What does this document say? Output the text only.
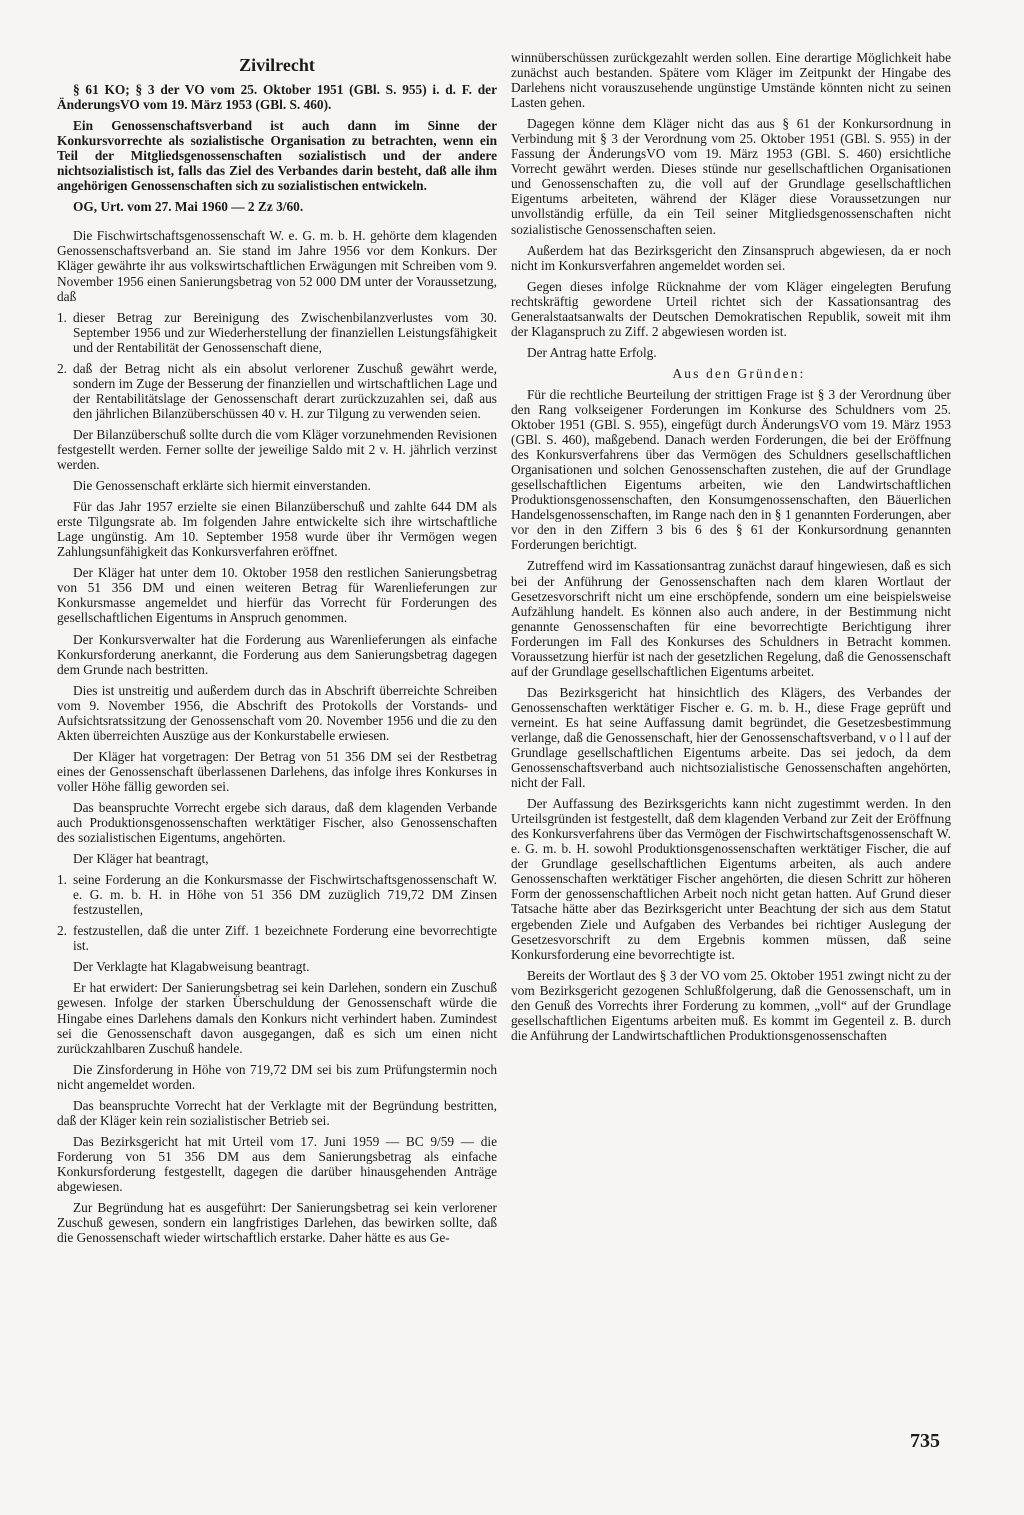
Zivilrecht

§ 61 KO; § 3 der VO vom 25. Oktober 1951 (GBl. S. 955) i. d. F. der ÄnderungsVO vom 19. März 1953 (GBl. S. 460).

Ein Genossenschaftsverband ist auch dann im Sinne der Konkursvorrechte als sozialistische Organisation zu betrachten, wenn ein Teil der Mitgliedsgenossenschaften sozialistisch und der andere nichtsozialistisch ist, falls das Ziel des Verbandes darin besteht, daß alle ihm angehörigen Genossenschaften sich zu sozialistischen entwickeln.

OG, Urt. vom 27. Mai 1960 — 2 Zz 3/60.

Die Fischwirtschaftsgenossenschaft W. e. G. m. b. H. gehörte dem klagenden Genossenschaftsverband an. Sie stand im Jahre 1956 vor dem Konkurs. Der Kläger gewährte ihr aus volkswirtschaftlichen Erwägungen mit Schreiben vom 9. November 1956 einen Sanierungsbetrag von 52 000 DM unter der Voraussetzung, daß

1. dieser Betrag zur Bereinigung des Zwischenbilanzverlustes vom 30. September 1956 und zur Wiederherstellung der finanziellen Leistungsfähigkeit und der Rentabilität der Genossenschaft diene,

2. daß der Betrag nicht als ein absolut verlorener Zuschuß gewährt werde, sondern im Zuge der Besserung der finanziellen und wirtschaftlichen Lage und der Rentabilitätslage der Genossenschaft derart zurückzuzahlen sei, daß aus den jährlichen Bilanzüberschüssen 40 v. H. zur Tilgung zu verwenden seien.

Der Bilanzüberschuß sollte durch die vom Kläger vorzunehmenden Revisionen festgestellt werden. Ferner sollte der jeweilige Saldo mit 2 v. H. jährlich verzinst werden.

Die Genossenschaft erklärte sich hiermit einverstanden.

Für das Jahr 1957 erzielte sie einen Bilanzüberschuß und zahlte 644 DM als erste Tilgungsrate ab. Im folgenden Jahre entwickelte sich ihre wirtschaftliche Lage ungünstig. Am 10. September 1958 wurde über ihr Vermögen wegen Zahlungsunfähigkeit das Konkursverfahren eröffnet.

Der Kläger hat unter dem 10. Oktober 1958 den restlichen Sanierungsbetrag von 51 356 DM und einen weiteren Betrag für Warenlieferungen zur Konkursmasse angemeldet und hierfür das Vorrecht für Forderungen des gesellschaftlichen Eigentums in Anspruch genommen.

Der Konkursverwalter hat die Forderung aus Warenlieferungen als einfache Konkursforderung anerkannt, die Forderung aus dem Sanierungsbetrag dagegen dem Grunde nach bestritten.

Dies ist unstreitig und außerdem durch das in Abschrift überreichte Schreiben vom 9. November 1956, die Abschrift des Protokolls der Vorstands- und Aufsichtsratssitzung der Genossenschaft vom 20. November 1956 und die zu den Akten überreichten Auszüge aus der Konkurstabelle erwiesen.

Der Kläger hat vorgetragen: Der Betrag von 51 356 DM sei der Restbetrag eines der Genossenschaft überlassenen Darlehens, das infolge ihres Konkurses in voller Höhe fällig geworden sei.

Das beanspruchte Vorrecht ergebe sich daraus, daß dem klagenden Verbande auch Produktionsgenossenschaften werktätiger Fischer, also Genossenschaften des sozialistischen Eigentums, angehörten.

Der Kläger hat beantragt,

1. seine Forderung an die Konkursmasse der Fischwirtschaftsgenossenschaft W. e. G. m. b. H. in Höhe von 51 356 DM zuzüglich 719,72 DM Zinsen festzustellen,

2. festzustellen, daß die unter Ziff. 1 bezeichnete Forderung eine bevorrechtigte ist.

Der Verklagte hat Klagabweisung beantragt.

Er hat erwidert: Der Sanierungsbetrag sei kein Darlehen, sondern ein Zuschuß gewesen. Infolge der starken Überschuldung der Genossenschaft würde die Hingabe eines Darlehens damals den Konkurs nicht verhindert haben. Zumindest sei die Genossenschaft davon ausgegangen, daß es sich um einen nicht zurückzahlbaren Zuschuß handele.

Die Zinsforderung in Höhe von 719,72 DM sei bis zum Prüfungstermin noch nicht angemeldet worden.

Das beanspruchte Vorrecht hat der Verklagte mit der Begründung bestritten, daß der Kläger kein rein sozialistischer Betrieb sei.

Das Bezirksgericht hat mit Urteil vom 17. Juni 1959 — BC 9/59 — die Forderung von 51 356 DM aus dem Sanierungsbetrag als einfache Konkursforderung festgestellt, dagegen die darüber hinausgehenden Anträge abgewiesen.

Zur Begründung hat es ausgeführt: Der Sanierungsbetrag sei kein verlorener Zuschuß gewesen, sondern ein langfristiges Darlehen, das bewirken sollte, daß die Genossenschaft wieder wirtschaftlich erstarke. Daher hätte es aus Ge-

winnüberschüssen zurückgezahlt werden sollen. Eine derartige Möglichkeit habe zunächst auch bestanden. Spätere vom Kläger im Zeitpunkt der Hingabe des Darlehens nicht vorauszusehende ungünstige Umstände könnten nicht zu seinen Lasten gehen.

Dagegen könne dem Kläger nicht das aus § 61 der Konkursordnung in Verbindung mit § 3 der Verordnung vom 25. Oktober 1951 (GBl. S. 955) in der Fassung der ÄnderungsVO vom 19. März 1953 (GBl. S. 460) ersichtliche Vorrecht gewährt werden. Dieses stünde nur gesellschaftlichen Organisationen und Genossenschaften zu, die voll auf der Grundlage gesellschaftlichen Eigentums arbeiteten, während der Kläger diese Voraussetzungen nur unvollständig erfülle, da ein Teil seiner Mitgliedsgenossenschaften nicht sozialistische Genossenschaften seien.

Außerdem hat das Bezirksgericht den Zinsanspruch abgewiesen, da er noch nicht im Konkursverfahren angemeldet worden sei.

Gegen dieses infolge Rücknahme der vom Kläger eingelegten Berufung rechtskräftig gewordene Urteil richtet sich der Kassationsantrag des Generalstaatsanwalts der Deutschen Demokratischen Republik, soweit mit ihm der Klaganspruch zu Ziff. 2 abgewiesen worden ist.

Der Antrag hatte Erfolg.

Aus den Gründen:

Für die rechtliche Beurteilung der strittigen Frage ist § 3 der Verordnung über den Rang volkseigener Forderungen im Konkurse des Schuldners vom 25. Oktober 1951 (GBl. S. 955), eingefügt durch ÄnderungsVO vom 19. März 1953 (GBl. S. 460), maßgebend. Danach werden Forderungen, die bei der Eröffnung des Konkursverfahrens über das Vermögen des Schuldners gesellschaftlichen Organisationen und solchen Genossenschaften zustehen, die auf der Grundlage gesellschaftlichen Eigentums arbeiten, wie den Landwirtschaftlichen Produktionsgenossenschaften, den Konsumgenossenschaften, den Bäuerlichen Handelsgenossenschaften, im Range nach den in § 1 genannten Forderungen, aber vor den in den Ziffern 3 bis 6 des § 61 der Konkursordnung genannten Forderungen berichtigt.

Zutreffend wird im Kassationsantrag zunächst darauf hingewiesen, daß es sich bei der Anführung der Genossenschaften nach dem klaren Wortlaut der Gesetzesvorschrift nicht um eine erschöpfende, sondern um eine beispielsweise Aufzählung handelt. Es können also auch andere, in der Bestimmung nicht genannte Genossenschaften für eine bevorrechtigte Berichtigung ihrer Forderungen im Fall des Konkurses des Schuldners in Betracht kommen. Voraussetzung hierfür ist nach der gesetzlichen Regelung, daß die Genossenschaft auf der Grundlage gesellschaftlichen Eigentums arbeitet.

Das Bezirksgericht hat hinsichtlich des Klägers, des Verbandes der Genossenschaften werktätiger Fischer e. G. m. b. H., diese Frage geprüft und verneint. Es hat seine Auffassung damit begründet, die Gesetzesbestimmung verlange, daß die Genossenschaft, hier der Genossenschaftsverband, v o l l auf der Grundlage gesellschaftlichen Eigentums arbeite. Das sei jedoch, da dem Genossenschaftsverband auch nichtsozialistische Genossenschaften angehörten, nicht der Fall.

Der Auffassung des Bezirksgerichts kann nicht zugestimmt werden. In den Urteilsgründen ist festgestellt, daß dem klagenden Verband zur Zeit der Eröffnung des Konkursverfahrens über das Vermögen der Fischwirtschaftsgenossenschaft W. e. G. m. b. H. sowohl Produktionsgenossenschaften werktätiger Fischer, die auf der Grundlage gesellschaftlichen Eigentums arbeiten, als auch andere Genossenschaften werktätiger Fischer angehörten, die diesen Schritt zur höheren Form der genossenschaftlichen Arbeit noch nicht getan hatten. Auf Grund dieser Tatsache hätte aber das Bezirksgericht unter Beachtung der sich aus dem Statut ergebenden Ziele und Aufgaben des Verbandes bei richtiger Auslegung der Gesetzesvorschrift zu dem Ergebnis kommen müssen, daß seine Konkursforderung eine bevorrechtigte ist.

Bereits der Wortlaut des § 3 der VO vom 25. Oktober 1951 zwingt nicht zu der vom Bezirksgericht gezogenen Schlußfolgerung, daß die Genossenschaft, um in den Genuß des Vorrechts ihrer Forderung zu kommen, „voll“ auf der Grundlage gesellschaftlichen Eigentums arbeiten muß. Es kommt im Gegenteil z. B. durch die Anführung der Landwirtschaftlichen Produktionsgenossenschaften

735
